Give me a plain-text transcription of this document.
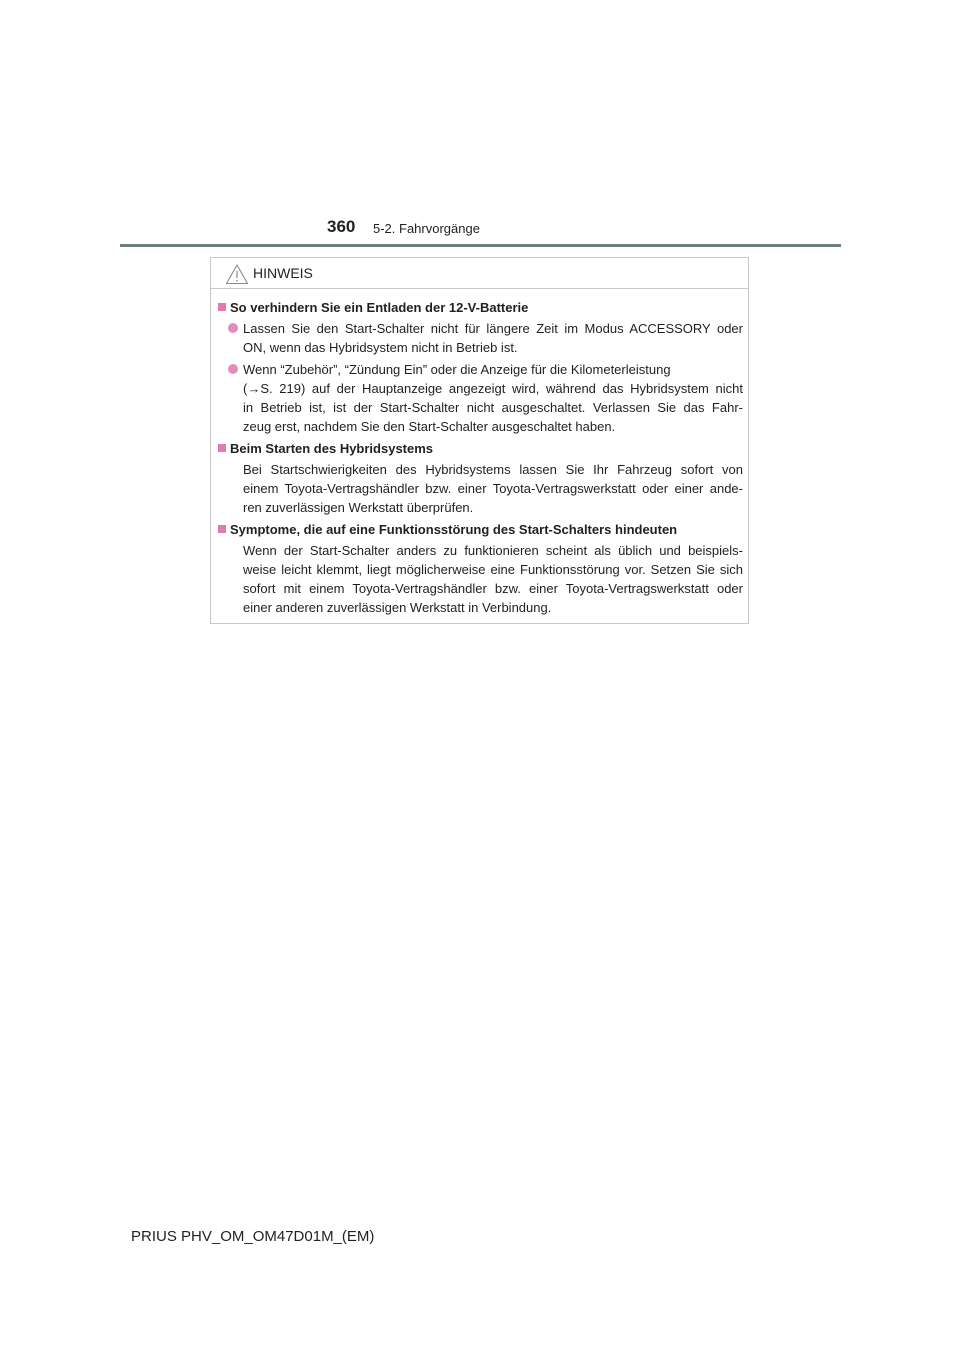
360 5-2. Fahrvorgänge
HINWEIS
So verhindern Sie ein Entladen der 12-V-Batterie
Lassen Sie den Start-Schalter nicht für längere Zeit im Modus ACCESSORY oder
ON, wenn das Hybridsystem nicht in Betrieb ist.
Wenn “Zubehör”, “Zündung Ein” oder die Anzeige für die Kilometerleistung
(→S. 219) auf der Hauptanzeige angezeigt wird, während das Hybridsystem nicht
in Betrieb ist, ist der Start-Schalter nicht ausgeschaltet. Verlassen Sie das Fahr-
zeug erst, nachdem Sie den Start-Schalter ausgeschaltet haben.
Beim Starten des Hybridsystems
Bei Startschwierigkeiten des Hybridsystems lassen Sie Ihr Fahrzeug sofort von
einem Toyota-Vertragshändler bzw. einer Toyota-Vertragswerkstatt oder einer ande-
ren zuverlässigen Werkstatt überprüfen.
Symptome, die auf eine Funktionsstörung des Start-Schalters hindeuten
Wenn der Start-Schalter anders zu funktionieren scheint als üblich und beispiels-
weise leicht klemmt, liegt möglicherweise eine Funktionsstörung vor. Setzen Sie sich
sofort mit einem Toyota-Vertragshändler bzw. einer Toyota-Vertragswerkstatt oder
einer anderen zuverlässigen Werkstatt in Verbindung.
PRIUS PHV_OM_OM47D01M_(EM)
